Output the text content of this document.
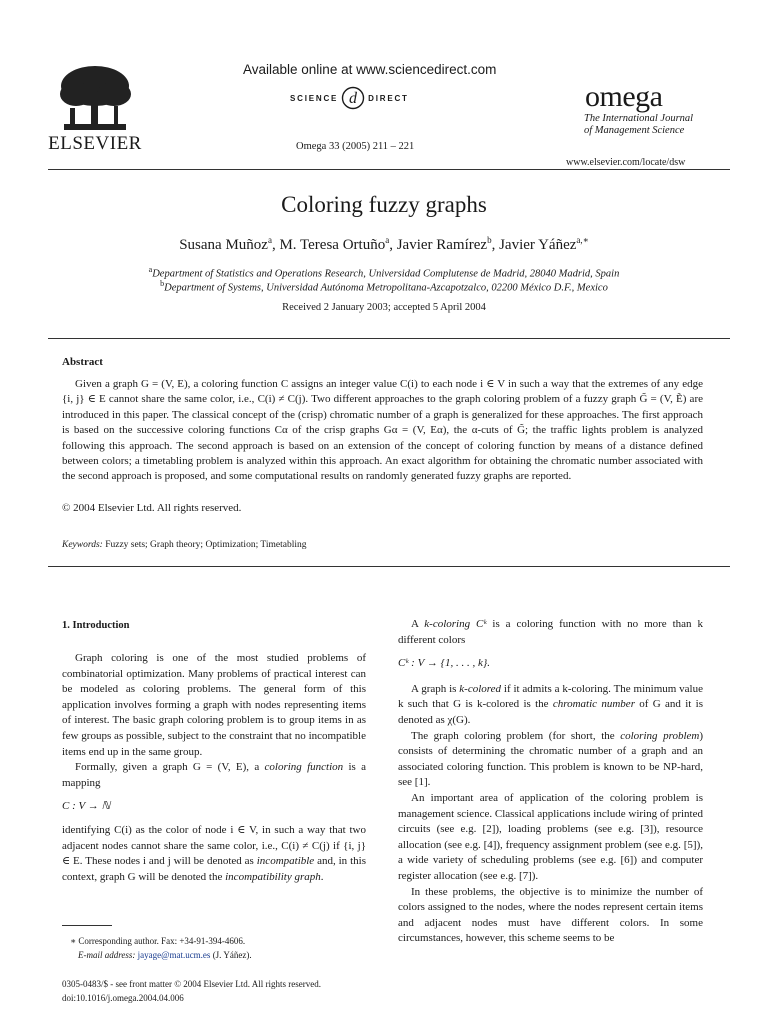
ELSEVIER
Available online at www.sciencedirect.com
SCIENCE d DIRECT
Omega 33 (2005) 211 – 221
omega
The International Journal
of Management Science
www.elsevier.com/locate/dsw
Coloring fuzzy graphs
Susana Muñoz$^a$, M. Teresa Ortuño$^a$, Javier Ramírez$^b$, Javier Yáñez$^{a,∗}$
$^a$Department of Statistics and Operations Research, Universidad Complutense de Madrid, 28040 Madrid, Spain
$^b$Department of Systems, Universidad Autónoma Metropolitana-Azcapotzalco, 02200 México D.F., Mexico
Received 2 January 2003; accepted 5 April 2004
Abstract

Given a graph G = (V, E), a coloring function C assigns an integer value C(i) to each node i ∈ V in such a way that the extremes of any edge {i, j} ∈ E cannot share the same color, i.e., C(i) ≠ C(j). Two different approaches to the graph coloring problem of a fuzzy graph G̃ = (V, Ẽ) are introduced in this paper. The classical concept of the (crisp) chromatic number of a graph is generalized for these approaches. The first approach is based on the successive coloring functions Cα of the crisp graphs Gα = (V, Eα), the α-cuts of G̃; the traffic lights problem is analyzed following this approach. The second approach is based on an extension of the concept of coloring function by means of a distance defined between colors; a timetabling problem is analyzed within this approach. An exact algorithm for obtaining the chromatic number associated with the second approach is proposed, and some computational results on randomly generated fuzzy graphs are reported.

© 2004 Elsevier Ltd. All rights reserved.
Keywords: Fuzzy sets; Graph theory; Optimization; Timetabling
1. Introduction

Graph coloring is one of the most studied problems of combinatorial optimization. Many problems of practical interest can be modeled as coloring problems. The general form of this application involves forming a graph with nodes representing items of interest. The basic graph coloring problem is to group items in as few groups as possible, subject to the constraint that no incompatible items end up in the same group.

Formally, given a graph G = (V, E), a coloring function is a mapping

C : V → ℕ

identifying C(i) as the color of node i ∈ V, in such a way that two adjacent nodes cannot share the same color, i.e., C(i) ≠ C(j) if {i, j} ∈ E. These nodes i and j will be denoted as incompatible and, in this context, graph G will be denoted the incompatibility graph.

∗ Corresponding author. Fax: +34-91-394-4606.
E-mail address: jayage@mat.ucm.es (J. Yáñez).
0305-0483/$ - see front matter © 2004 Elsevier Ltd. All rights reserved.
doi:10.1016/j.omega.2004.04.006

A k-coloring Cᵏ is a coloring function with no more than k different colors

Cᵏ : V → {1, . . . , k}.

A graph is k-colored if it admits a k-coloring. The minimum value k such that G is k-colored is the chromatic number of G and it is denoted as χ(G).

The graph coloring problem (for short, the coloring problem) consists of determining the chromatic number of a graph and an associated coloring function. This problem is known to be NP-hard, see [1].

An important area of application of the coloring problem is management science. Classical applications include wiring of printed circuits (see e.g. [2]), loading problems (see e.g. [3]), resource allocation (see e.g. [4]), frequency assignment problem (see e.g. [5]), a wide variety of scheduling problems (see e.g. [6]) and computer register allocation (see e.g. [7]).

In these problems, the objective is to minimize the number of colors assigned to the nodes, where the nodes represent certain items and adjacent nodes must have different colors. In some circumstances, however, this scheme seems to be
